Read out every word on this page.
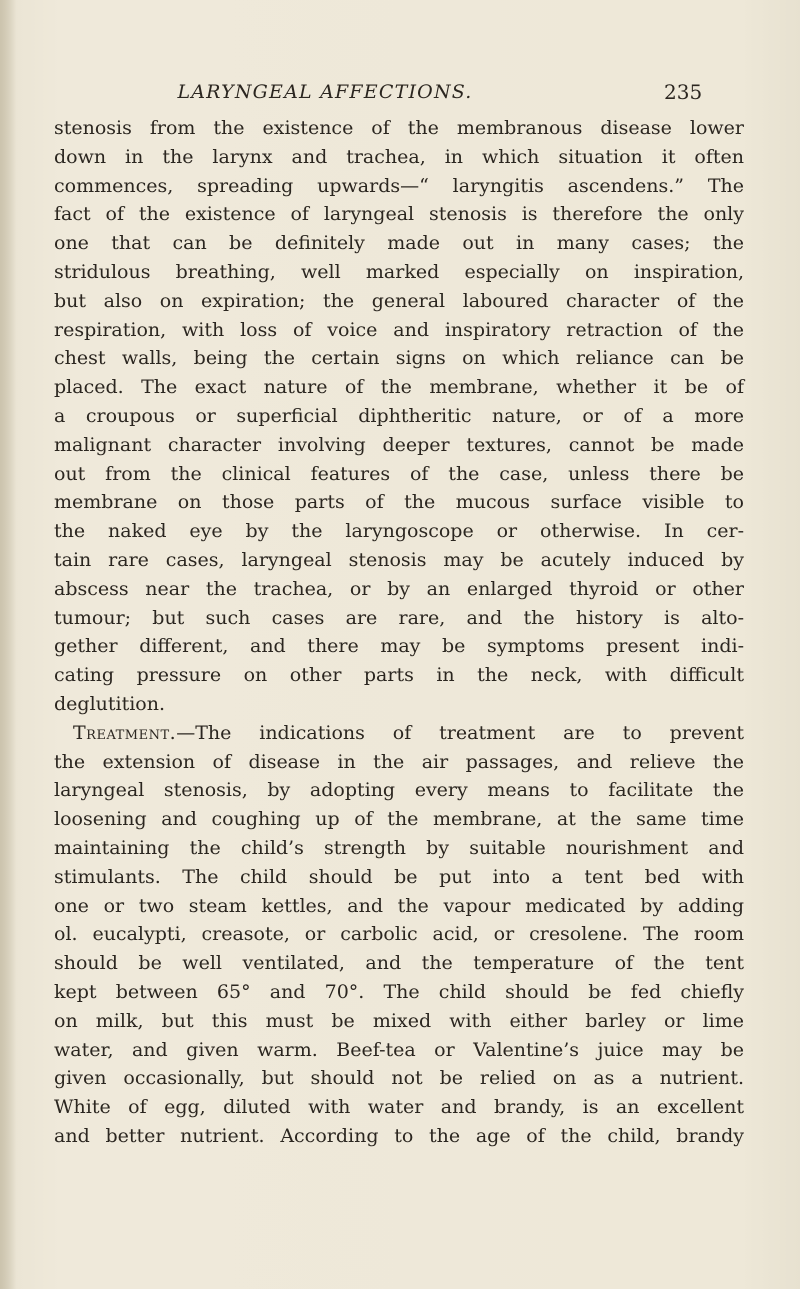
LARYNGEAL AFFECTIONS.	235
stenosis from the existence of the membranous disease lower
down in the larynx and trachea, in which situation it often
commences, spreading upwards—“ laryngitis ascendens.” The
fact of the existence of laryngeal stenosis is therefore the only
one that can be definitely made out in many cases; the
stridulous breathing, well marked especially on inspiration,
but also on expiration; the general laboured character of the
respiration, with loss of voice and inspiratory retraction of the
chest walls, being the certain signs on which reliance can be
placed. The exact nature of the membrane, whether it be of
a croupous or superficial diphtheritic nature, or of a more
malignant character involving deeper textures, cannot be made
out from the clinical features of the case, unless there be
membrane on those parts of the mucous surface visible to
the naked eye by the laryngoscope or otherwise. In cer-
tain rare cases, laryngeal stenosis may be acutely induced by
abscess near the trachea, or by an enlarged thyroid or other
tumour; but such cases are rare, and the history is alto-
gether different, and there may be symptoms present indi-
cating pressure on other parts in the neck, with difficult
deglutition.
 Treatment.—The indications of treatment are to prevent
the extension of disease in the air passages, and relieve the
laryngeal stenosis, by adopting every means to facilitate the
loosening and coughing up of the membrane, at the same time
maintaining the child’s strength by suitable nourishment and
stimulants. The child should be put into a tent bed with
one or two steam kettles, and the vapour medicated by adding
ol. eucalypti, creasote, or carbolic acid, or cresolene. The room
should be well ventilated, and the temperature of the tent
kept between 65° and 70°. The child should be fed chiefly
on milk, but this must be mixed with either barley or lime
water, and given warm. Beef-tea or Valentine’s juice may be
given occasionally, but should not be relied on as a nutrient.
White of egg, diluted with water and brandy, is an excellent
and better nutrient. According to the age of the child, brandy
